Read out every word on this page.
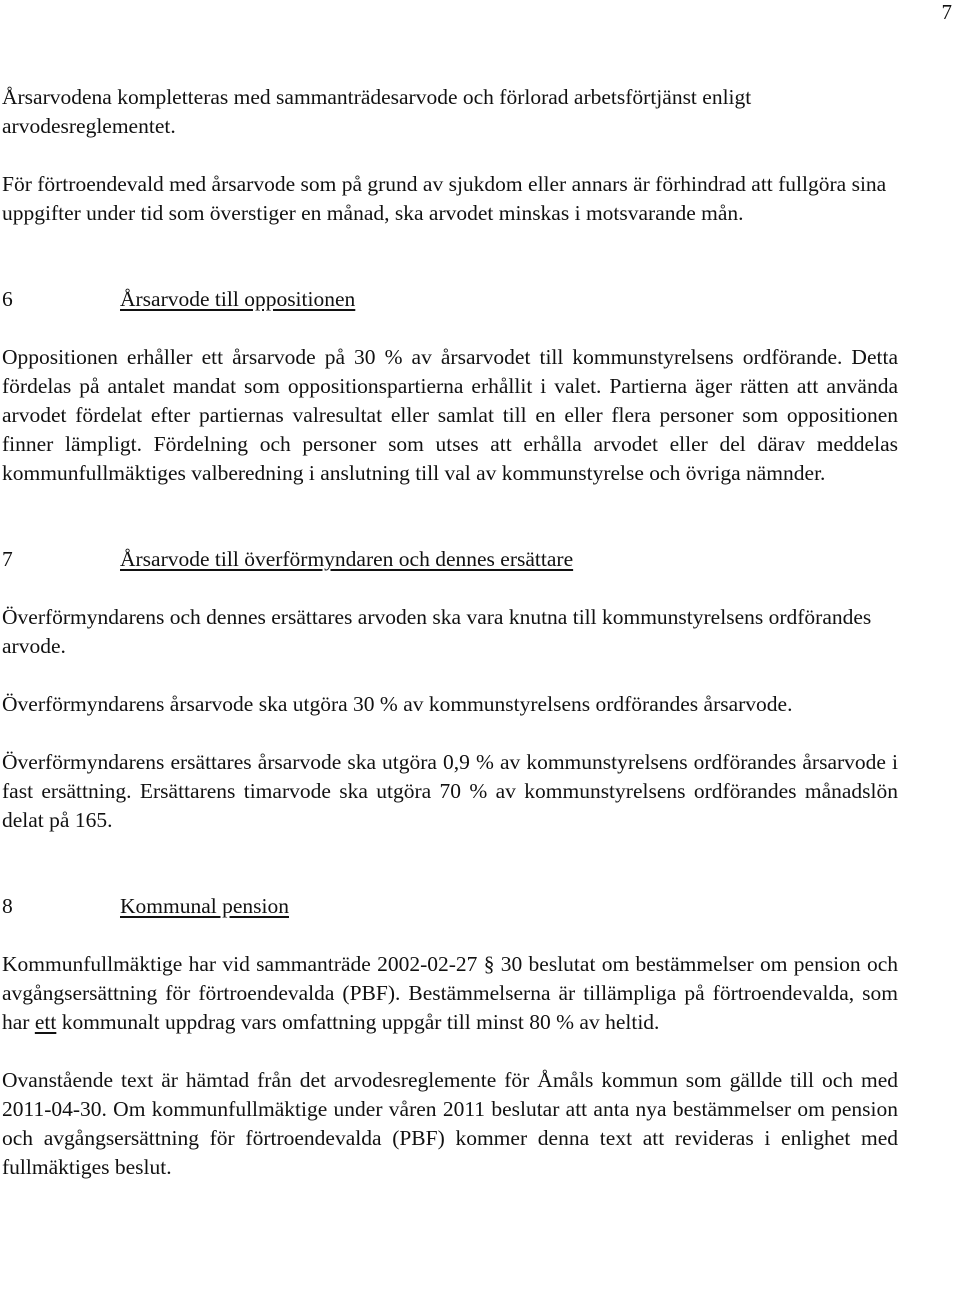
7

Årsarvodena kompletteras med sammanträdesarvode och förlorad arbetsförtjänst enligt arvodesreglementet.

För förtroendevald med årsarvode som på grund av sjukdom eller annars är förhindrad att fullgöra sina uppgifter under tid som överstiger en månad, ska arvodet minskas i motsvarande mån.

6	Årsarvode till oppositionen

Oppositionen erhåller ett årsarvode på 30 % av årsarvodet till kommunstyrelsens ordförande. Detta fördelas på antalet mandat som oppositionspartierna erhållit i valet. Partierna äger rätten att använda arvodet fördelat efter partiernas valresultat eller samlat till en eller flera personer som oppositionen finner lämpligt. Fördelning och personer som utses att erhålla arvodet eller del därav meddelas kommunfullmäktiges valberedning i anslutning till val av kommunstyrelse och övriga nämnder.

7	Årsarvode till överförmyndaren och dennes ersättare

Överförmyndarens och dennes ersättares arvoden ska vara knutna till kommunstyrelsens ordförandes arvode.

Överförmyndarens årsarvode ska utgöra 30 % av kommunstyrelsens ordförandes årsarvode.

Överförmyndarens ersättares årsarvode ska utgöra 0,9 % av kommunstyrelsens ordförandes årsarvode i fast ersättning. Ersättarens timarvode ska utgöra 70 % av kommunstyrelsens ordförandes månadslön delat på 165.

8	Kommunal pension

Kommunfullmäktige har vid sammanträde 2002-02-27 § 30 beslutat om bestämmelser om pension och avgångsersättning för förtroendevalda (PBF). Bestämmelserna är tillämpliga på förtroendevalda, som har ett kommunalt uppdrag vars omfattning uppgår till minst 80 % av heltid.

Ovanstående text är hämtad från det arvodesreglemente för Åmåls kommun som gällde till och med 2011-04-30. Om kommunfullmäktige under våren 2011 beslutar att anta nya bestämmelser om pension och avgångsersättning för förtroendevalda (PBF) kommer denna text att revideras i enlighet med fullmäktiges beslut.
